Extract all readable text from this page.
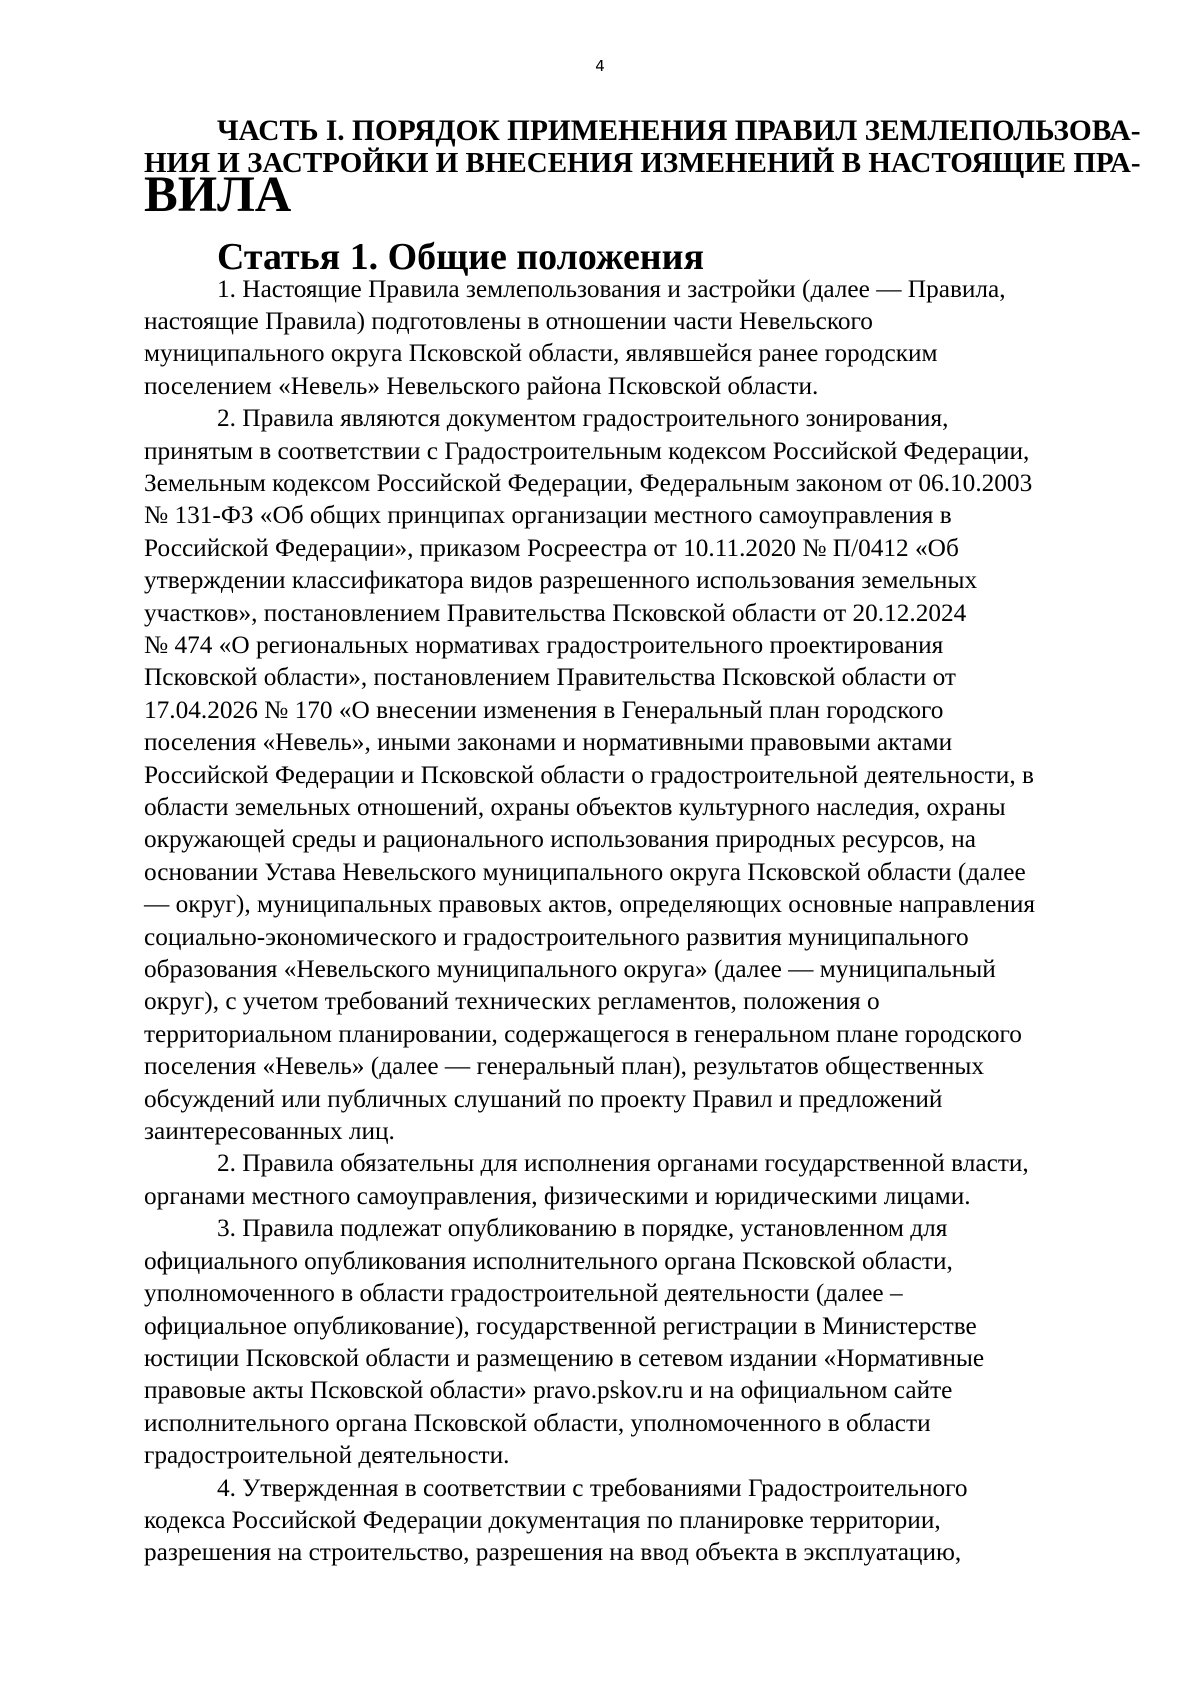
4
ЧАСТЬ I. ПОРЯДОК ПРИМЕНЕНИЯ ПРАВИЛ ЗЕМЛЕПОЛЬЗОВА-
НИЯ И ЗАСТРОЙКИ И ВНЕСЕНИЯ ИЗМЕНЕНИЙ В НАСТОЯЩИЕ ПРА-
ВИЛА
Статья 1. Общие положения

1. Настоящие Правила землепользования и застройки (далее — Правила,
настоящие Правила) подготовлены в отношении части Невельского
муниципального округа Псковской области, являвшейся ранее городским
поселением «Невель» Невельского района Псковской области.

2. Правила являются документом градостроительного зонирования,
принятым в соответствии с Градостроительным кодексом Российской Федерации,
Земельным кодексом Российской Федерации, Федеральным законом от 06.10.2003
№ 131-ФЗ «Об общих принципах организации местного самоуправления в
Российской Федерации», приказом Росреестра от 10.11.2020 № П/0412 «Об
утверждении классификатора видов разрешенного использования земельных
участков», постановлением Правительства Псковской области от 20.12.2024
№ 474 «О региональных нормативах градостроительного проектирования
Псковской области», постановлением Правительства Псковской области от
17.04.2026 № 170 «О внесении изменения в Генеральный план городского
поселения «Невель», иными законами и нормативными правовыми актами
Российской Федерации и Псковской области о градостроительной деятельности, в
области земельных отношений, охраны объектов культурного наследия, охраны
окружающей среды и рационального использования природных ресурсов, на
основании Устава Невельского муниципального округа Псковской области (далее
— округ), муниципальных правовых актов, определяющих основные направления
социально-экономического и градостроительного развития муниципального
образования «Невельского муниципального округа» (далее — муниципальный
округ), с учетом требований технических регламентов, положения о
территориальном планировании, содержащегося в генеральном плане городского
поселения «Невель» (далее — генеральный план), результатов общественных
обсуждений или публичных слушаний по проекту Правил и предложений
заинтересованных лиц.

2. Правила обязательны для исполнения органами государственной власти,
органами местного самоуправления, физическими и юридическими лицами.

3. Правила подлежат опубликованию в порядке, установленном для
официального опубликования исполнительного органа Псковской области,
уполномоченного в области градостроительной деятельности (далее –
официальное опубликование), государственной регистрации в Министерстве
юстиции Псковской области и размещению в сетевом издании «Нормативные
правовые акты Псковской области» pravo.pskov.ru и на официальном сайте
исполнительного органа Псковской области, уполномоченного в области
градостроительной деятельности.

4. Утвержденная в соответствии с требованиями Градостроительного
кодекса Российской Федерации документация по планировке территории,
разрешения на строительство, разрешения на ввод объекта в эксплуатацию,
